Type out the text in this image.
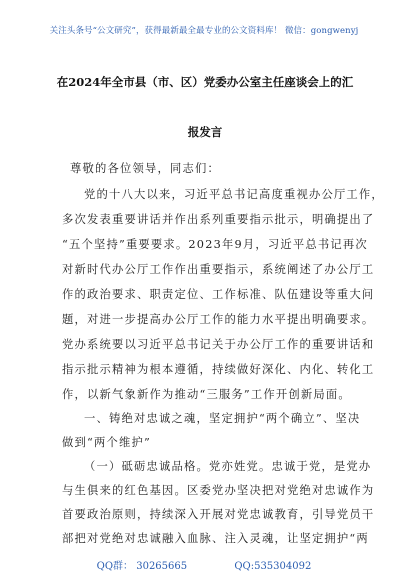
关注头条号“公文研究”，获得最新最全最专业的公文资料库！ 微信：gongwenyj
在2024年全市县（市、区）党委办公室主任座谈会上的汇
报发言
尊敬的各位领导，同志们：
党的十八大以来，习近平总书记高度重视办公厅工作，
多次发表重要讲话并作出系列重要指示批示，明确提出了
“五个坚持”重要要求。2023年9月，习近平总书记再次
对新时代办公厅工作作出重要指示，系统阐述了办公厅工
作的政治要求、职责定位、工作标准、队伍建设等重大问
题，对进一步提高办公厅工作的能力水平提出明确要求。
党办系统要以习近平总书记关于办公厅工作的重要讲话和
指示批示精神为根本遵循，持续做好深化、内化、转化工
作，以新气象新作为推动“三服务”工作开创新局面。
一、铸绝对忠诚之魂，坚定拥护“两个确立”、坚决
做到“两个维护”
（一）砥砺忠诚品格。党亦姓党。忠诚于党，是党办
与生俱来的红色基因。区委党办坚决把对党绝对忠诚作为
首要政治原则，持续深入开展对党忠诚教育，引导党员干
部把对党绝对忠诚融入血脉、注入灵魂，让坚定拥护“两
QQ群： 30265665	QQ:535304092
